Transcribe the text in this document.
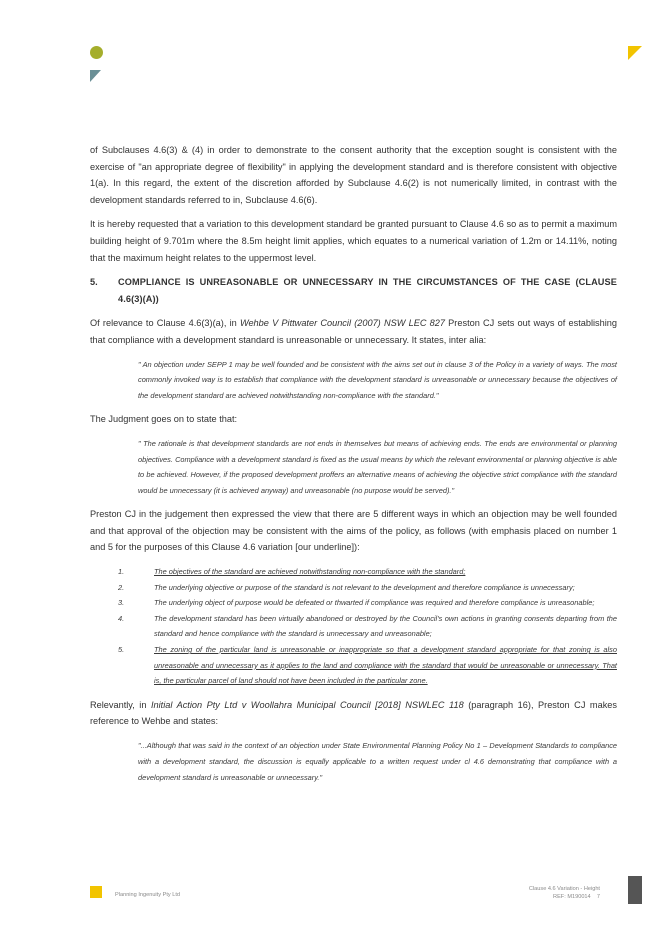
of Subclauses 4.6(3) & (4) in order to demonstrate to the consent authority that the exception sought is consistent with the exercise of "an appropriate degree of flexibility" in applying the development standard and is therefore consistent with objective 1(a). In this regard, the extent of the discretion afforded by Subclause 4.6(2) is not numerically limited, in contrast with the development standards referred to in, Subclause 4.6(6).

It is hereby requested that a variation to this development standard be granted pursuant to Clause 4.6 so as to permit a maximum building height of 9.701m where the 8.5m height limit applies, which equates to a numerical variation of 1.2m or 14.11%, noting that the maximum height relates to the uppermost level.

5.	COMPLIANCE IS UNREASONABLE OR UNNECESSARY IN THE CIRCUMSTANCES OF THE CASE (CLAUSE 4.6(3)(A))

Of relevance to Clause 4.6(3)(a), in Wehbe V Pittwater Council (2007) NSW LEC 827 Preston CJ sets out ways of establishing that compliance with a development standard is unreasonable or unnecessary. It states, inter alia:

" An objection under SEPP 1 may be well founded and be consistent with the aims set out in clause 3 of the Policy in a variety of ways. The most commonly invoked way is to establish that compliance with the development standard is unreasonable or unnecessary because the objectives of the development standard are achieved notwithstanding non-compliance with the standard."

The Judgment goes on to state that:

" The rationale is that development standards are not ends in themselves but means of achieving ends. The ends are environmental or planning objectives. Compliance with a development standard is fixed as the usual means by which the relevant environmental or planning objective is able to be achieved. However, if the proposed development proffers an alternative means of achieving the objective strict compliance with the standard would be unnecessary (it is achieved anyway) and unreasonable (no purpose would be served)."

Preston CJ in the judgement then expressed the view that there are 5 different ways in which an objection may be well founded and that approval of the objection may be consistent with the aims of the policy, as follows (with emphasis placed on number 1 and 5 for the purposes of this Clause 4.6 variation [our underline]):

1.	The objectives of the standard are achieved notwithstanding non-compliance with the standard;
2.	The underlying objective or purpose of the standard is not relevant to the development and therefore compliance is unnecessary;
3.	The underlying object of purpose would be defeated or thwarted if compliance was required and therefore compliance is unreasonable;
4.	The development standard has been virtually abandoned or destroyed by the Council's own actions in granting consents departing from the standard and hence compliance with the standard is unnecessary and unreasonable;
5.	The zoning of the particular land is unreasonable or inappropriate so that a development standard appropriate for that zoning is also unreasonable and unnecessary as it applies to the land and compliance with the standard that would be unreasonable or unnecessary. That is, the particular parcel of land should not have been included in the particular zone.

Relevantly, in Initial Action Pty Ltd v Woollahra Municipal Council [2018] NSWLEC 118 (paragraph 16), Preston CJ makes reference to Wehbe and states:

"...Although that was said in the context of an objection under State Environmental Planning Policy No 1 – Development Standards to compliance with a development standard, the discussion is equally applicable to a written request under cl 4.6 demonstrating that compliance with a development standard is unreasonable or unnecessary."

Planning Ingenuity Pty Ltd
Clause 4.6 Variation - Height
REF: M190014 7
